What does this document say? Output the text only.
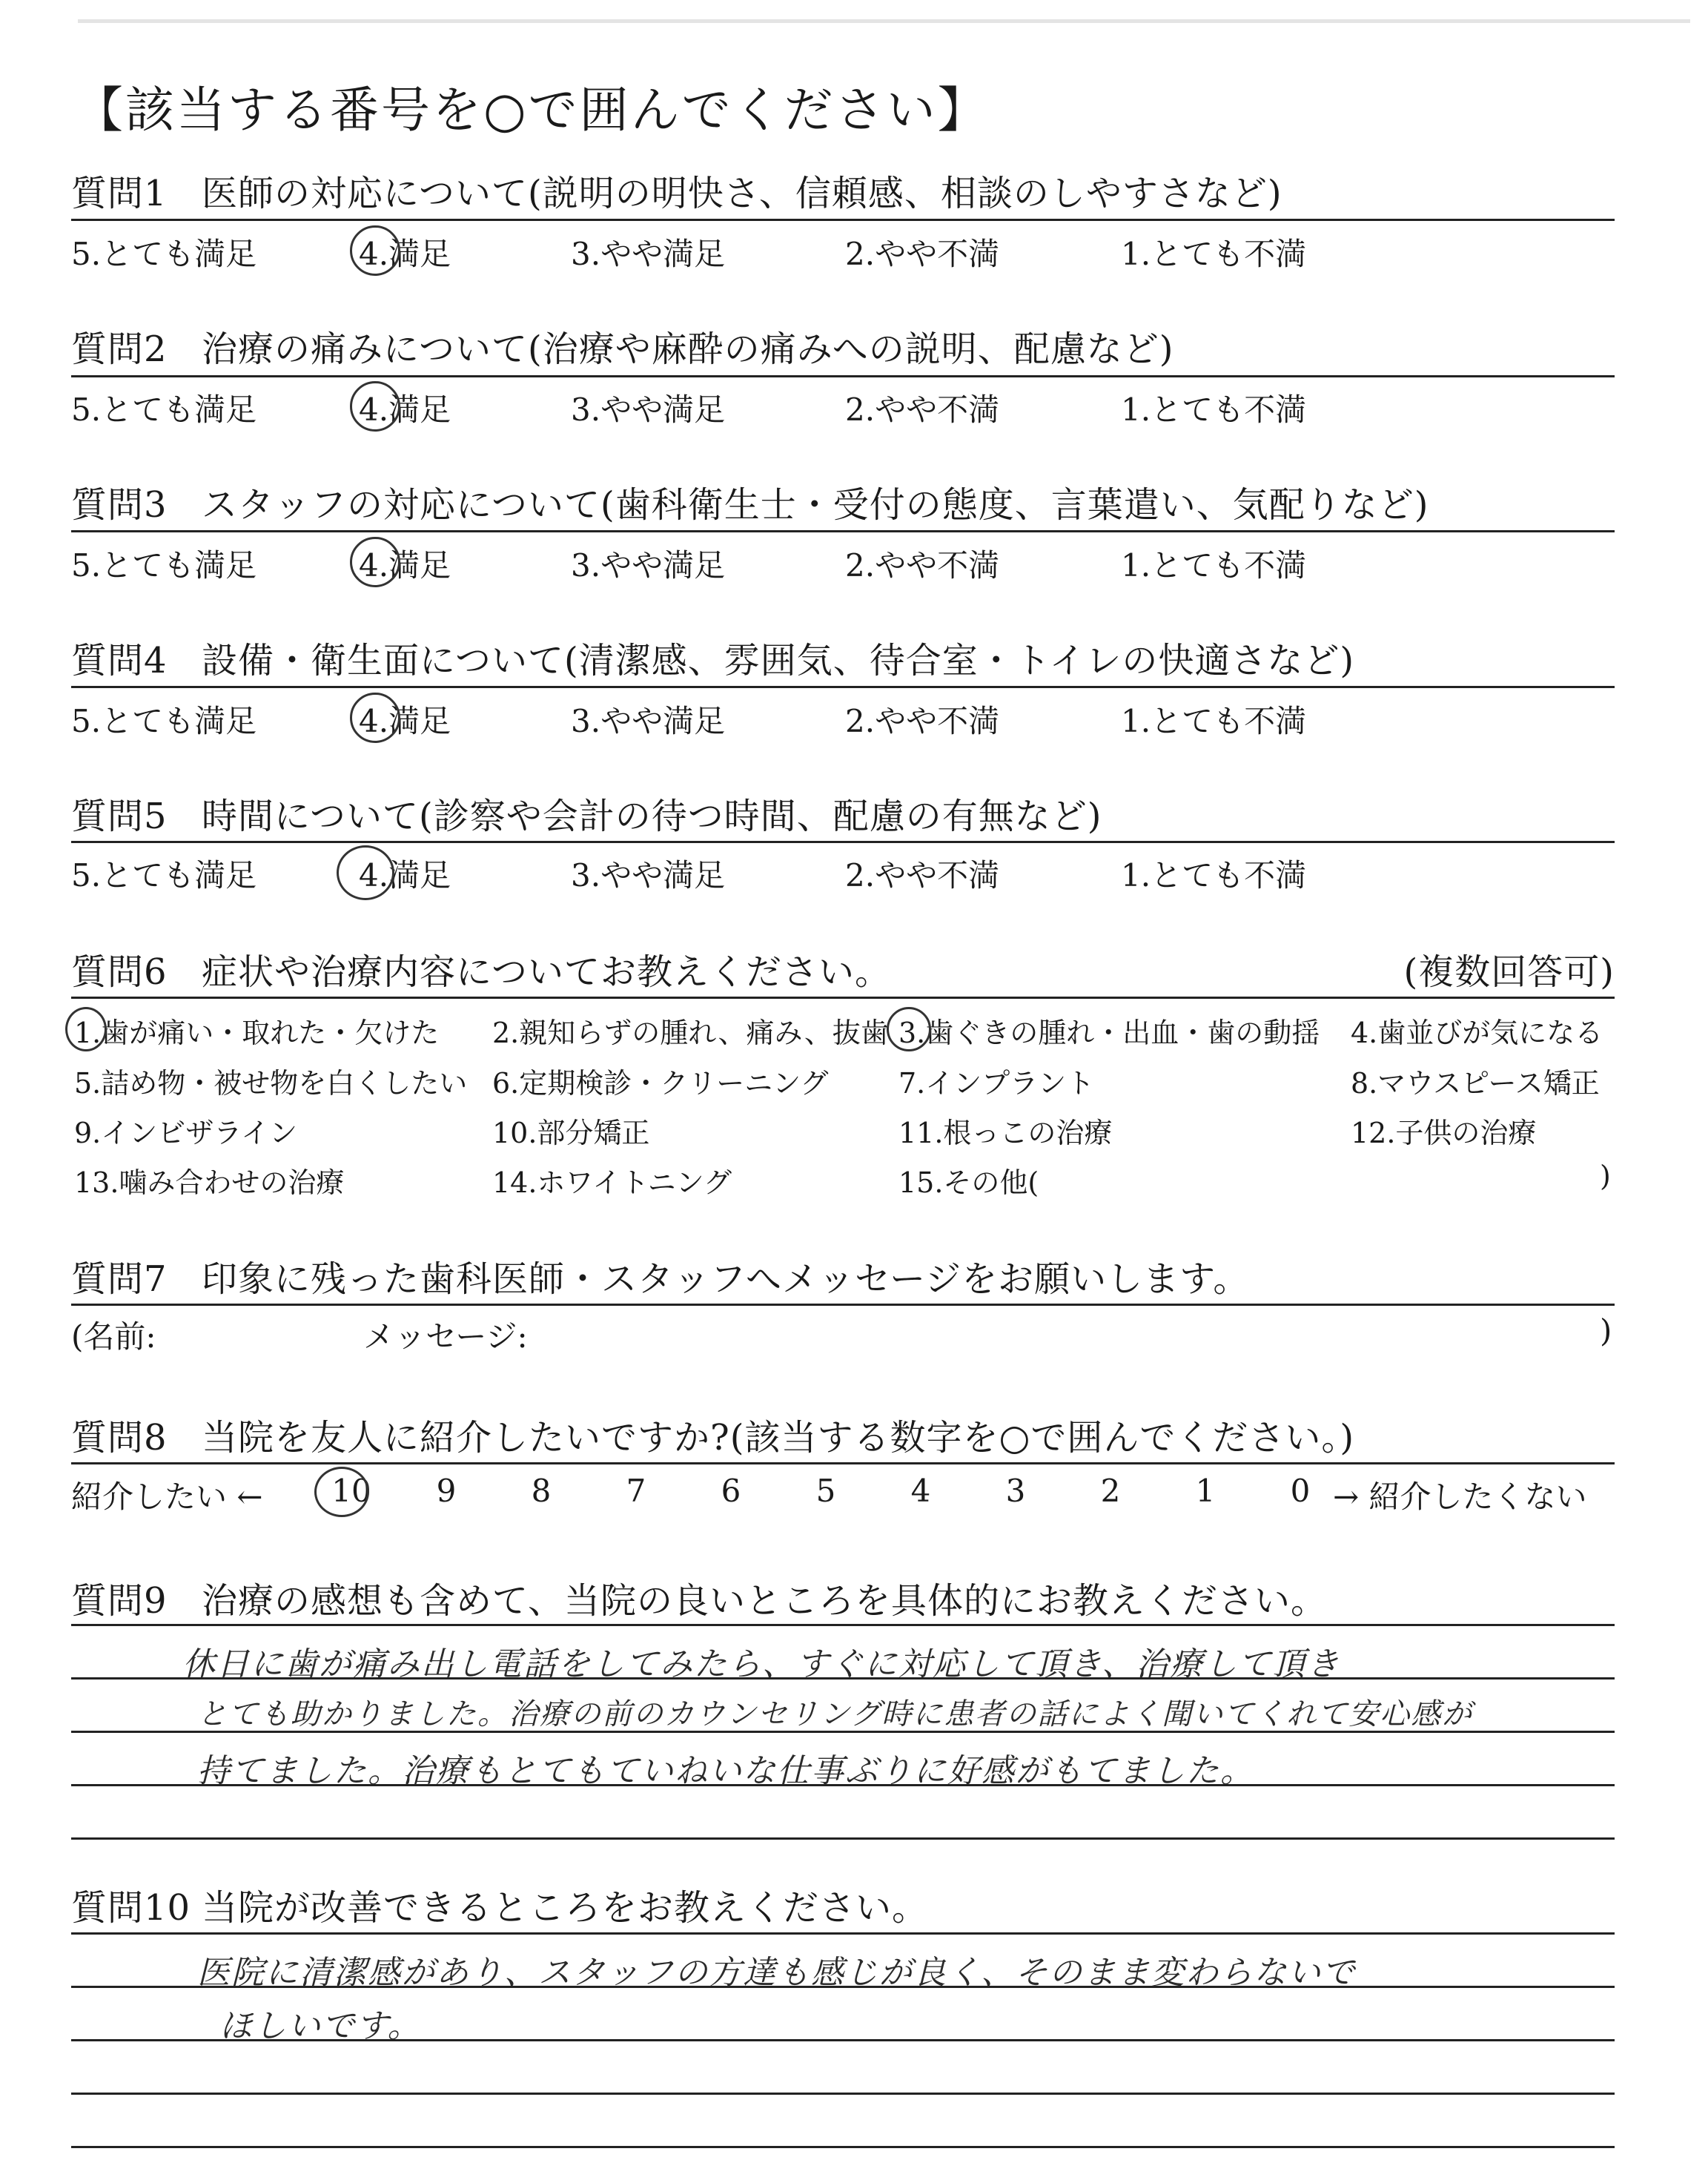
【該当する番号を○で囲んでください】
質問1 医師の対応について(説明の明快さ、信頼感、相談のしやすさなど)
5.とても満足	4.満足	3.やや満足	2.やや不満	1.とても不満
質問2 治療の痛みについて(治療や麻酔の痛みへの説明、配慮など)
5.とても満足	4.満足	3.やや満足	2.やや不満	1.とても不満
質問3 スタッフの対応について(歯科衛生士・受付の態度、言葉遣い、気配りなど)
5.とても満足	4.満足	3.やや満足	2.やや不満	1.とても不満
質問4 設備・衛生面について(清潔感、雰囲気、待合室・トイレの快適さなど)
5.とても満足	4.満足	3.やや満足	2.やや不満	1.とても不満
質問5 時間について(診察や会計の待つ時間、配慮の有無など)
5.とても満足	4.満足	3.やや満足	2.やや不満	1.とても不満
質問6 症状や治療内容についてお教えください。	(複数回答可)
1.歯が痛い・取れた・欠けた 2.親知らずの腫れ、痛み、抜歯 3.歯ぐきの腫れ・出血・歯の動揺 4.歯並びが気になる
5.詰め物・被せ物を白くしたい 6.定期検診・クリーニング 7.インプラント	8.マウスピース矯正
9.インビザライン	10.部分矯正	11.根っこの治療	12.子供の治療
13.噛み合わせの治療	14.ホワイトニング	15.その他(	)
質問7 印象に残った歯科医師・スタッフへメッセージをお願いします。
(名前:	メッセージ:	)
質問8 当院を友人に紹介したいですか?(該当する数字を○で囲んでください。)
紹介したい ←	10 9 8 7 6 5 4 3 2 1 0 → 紹介したくない
質問9 治療の感想も含めて、当院の良いところを具体的にお教えください。
休日に歯が痛み出し電話をしてみたら、すぐに対応して頂き、治療して頂き
とても助かりました。治療の前のカウンセリング時に患者の話によく聞いてくれて安心感が
持てました。治療もとてもていねいな仕事ぶりに好感がもてました。
質問10 当院が改善できるところをお教えください。
医院に清潔感があり、スタッフの方達も感じが良く、そのまま変わらないで
ほしいです。
